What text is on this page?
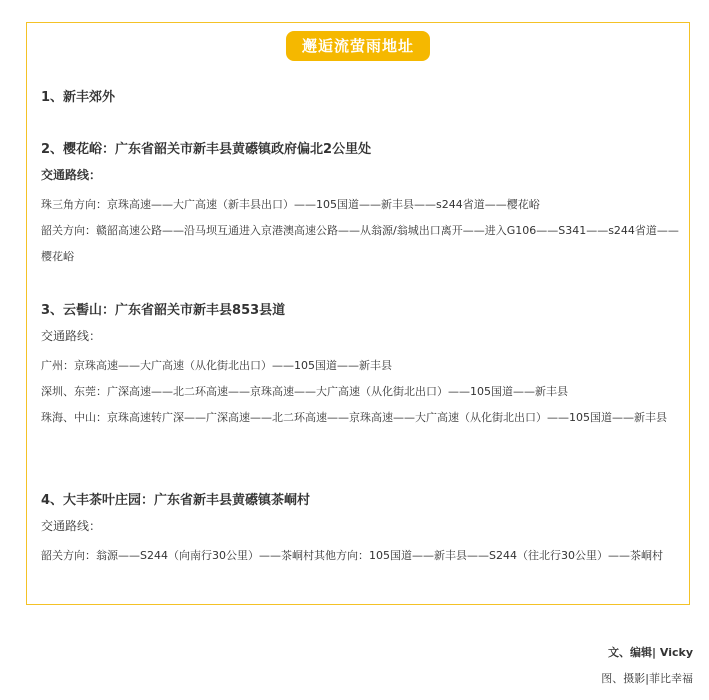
邂逅流萤雨地址
1、新丰郊外
2、樱花峪：广东省韶关市新丰县黄礤镇政府偏北2公里处
交通路线：

珠三角方向：京珠高速——大广高速（新丰县出口）——105国道——新丰县——s244省道——樱花峪

韶关方向：赣韶高速公路——沿马坝互通进入京港澳高速公路——从翁源/翁城出口离开——进入G106——S341——s244省道——樱花峪

3、云髻山：广东省韶关市新丰县853县道
交通路线：

广州：京珠高速——大广高速（从化街北出口）——105国道——新丰县

深圳、东莞：广深高速——北二环高速——京珠高速——大广高速（从化街北出口）——105国道——新丰县

珠海、中山：京珠高速转广深——广深高速——北二环高速——京珠高速——大广高速（从化街北出口）——105国道——新丰县

4、大丰茶叶庄园：广东省新丰县黄礤镇茶峒村
交通路线：

韶关方向：翁源——S244（向南行30公里）——茶峒村其他方向：105国道——新丰县——S244（往北行30公里）——茶峒村

文、编辑| Vicky
图、摄影|菲比幸福
